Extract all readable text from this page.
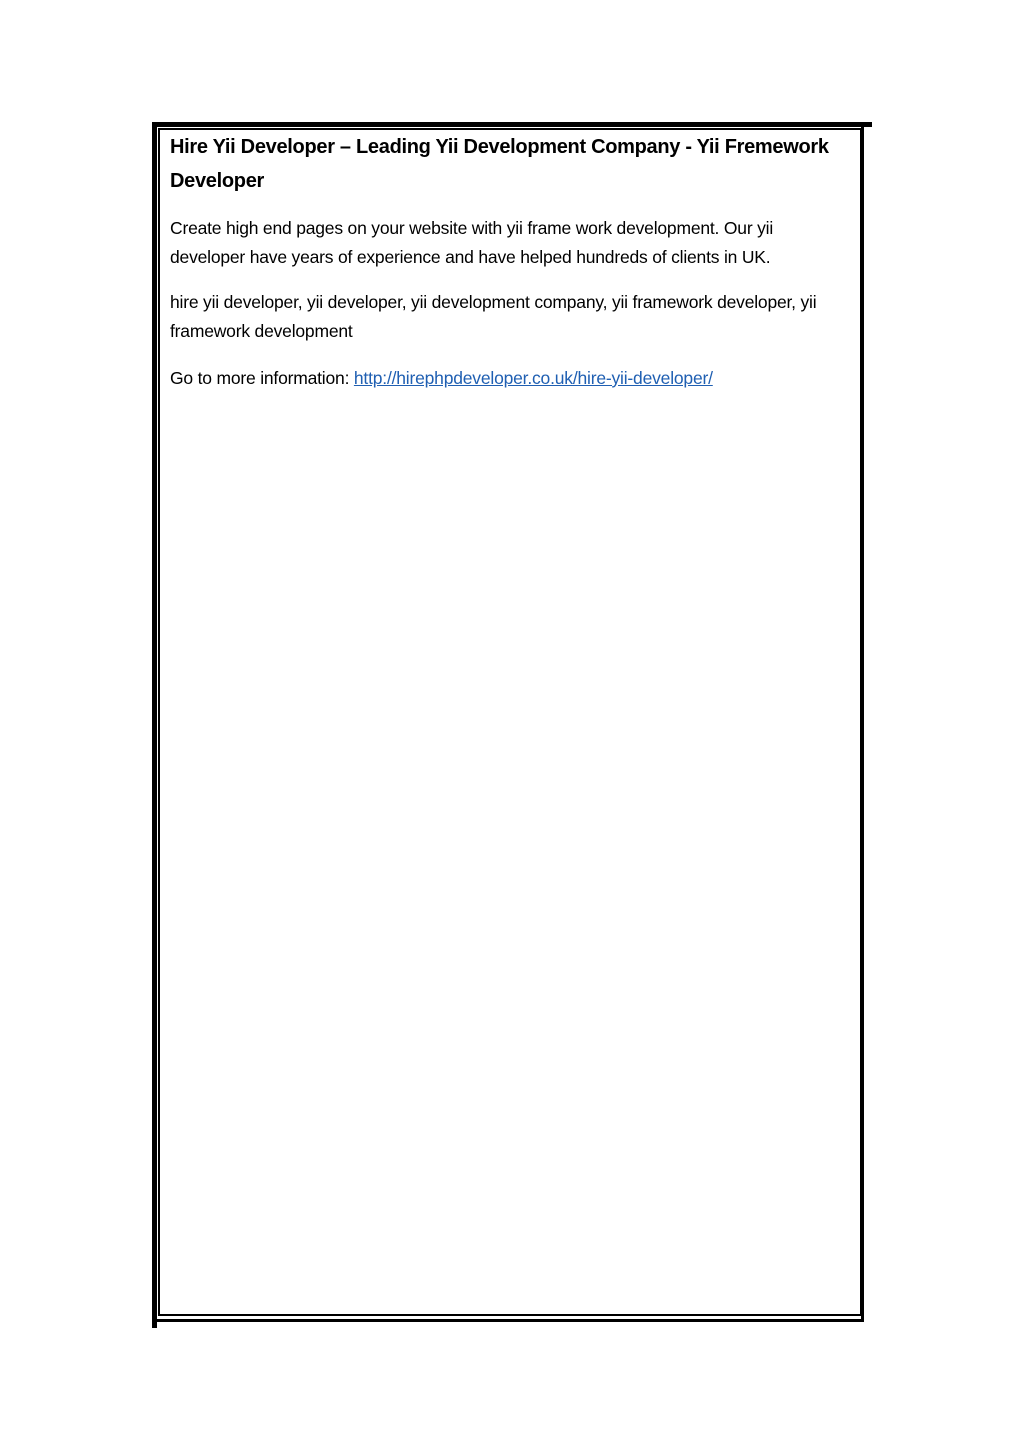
Hire Yii Developer – Leading Yii Development Company - Yii Fremework Developer

Create high end pages on your website with yii frame work development. Our yii developer have years of experience and have helped hundreds of clients in UK.

hire yii developer, yii developer, yii development company, yii framework developer, yii framework development

Go to more information: http://hirephpdeveloper.co.uk/hire-yii-developer/
